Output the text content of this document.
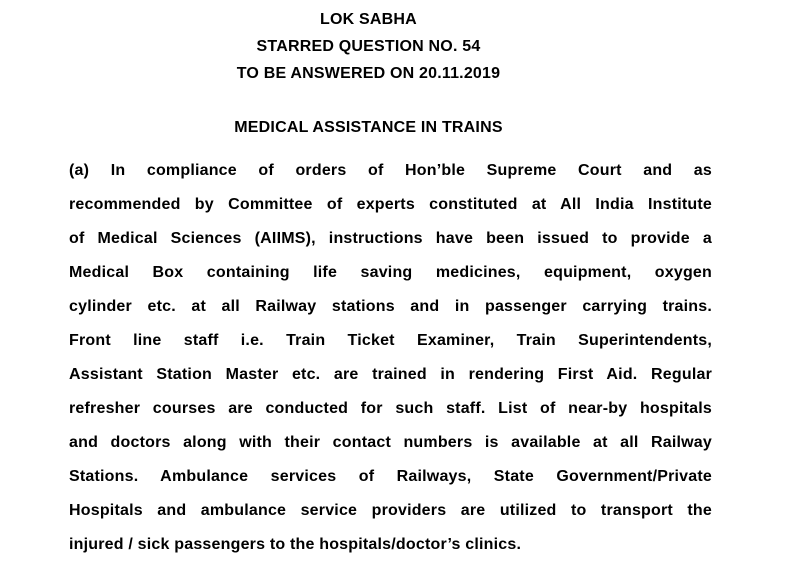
LOK SABHA
STARRED QUESTION NO. 54
TO BE ANSWERED ON 20.11.2019
MEDICAL ASSISTANCE IN TRAINS
(a) In compliance of orders of Hon’ble Supreme Court and as
recommended by Committee of experts constituted at All India Institute
of Medical Sciences (AIIMS), instructions have been issued to provide a
Medical Box containing life saving medicines, equipment, oxygen
cylinder etc. at all Railway stations and in passenger carrying trains.
Front line staff i.e. Train Ticket Examiner, Train Superintendents,
Assistant Station Master etc. are trained in rendering First Aid. Regular
refresher courses are conducted for such staff. List of near-by hospitals
and doctors along with their contact numbers is available at all Railway
Stations. Ambulance services of Railways, State Government/Private
Hospitals and ambulance service providers are utilized to transport the
injured / sick passengers to the hospitals/doctor’s clinics.
